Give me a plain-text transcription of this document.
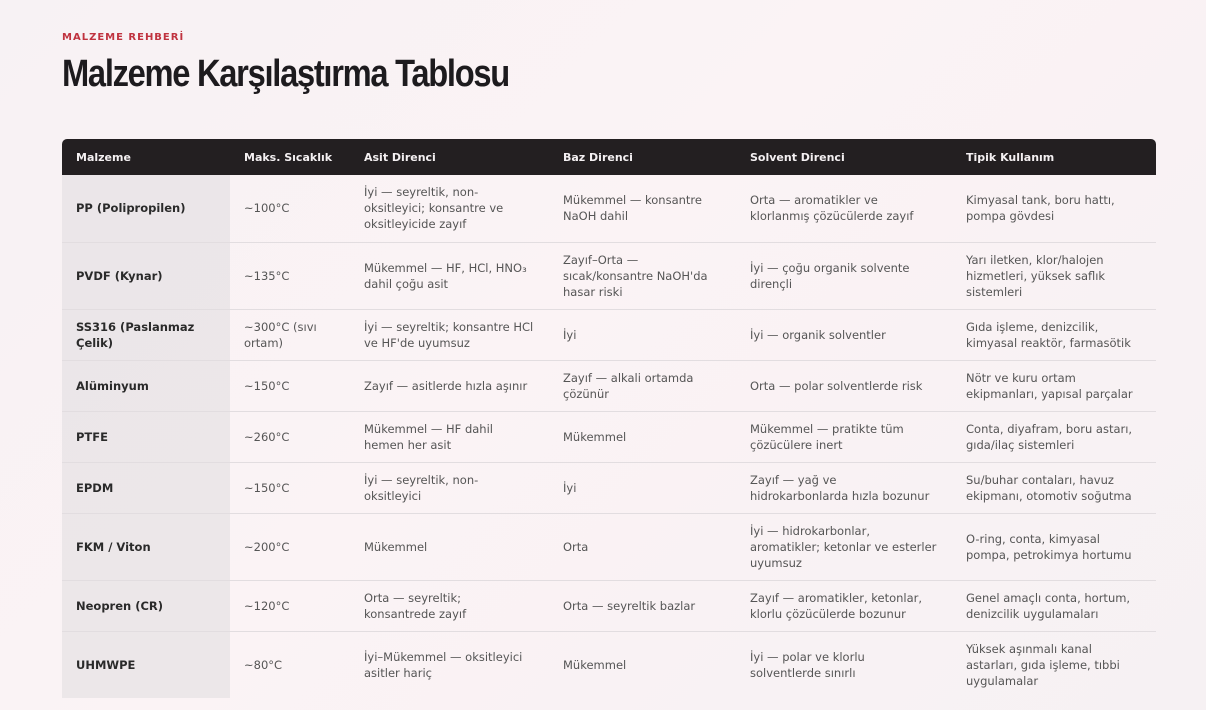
MALZEME REHBERİ
Malzeme Karşılaştırma Tablosu
Malzeme	Maks. Sıcaklık	Asit Direnci	Baz Direnci	Solvent Direnci	Tipik Kullanım
PP (Polipropilen)	~100°C	İyi — seyreltik, non-oksitleyici; konsantre ve oksitleyicide zayıf	Mükemmel — konsantre NaOH dahil	Orta — aromatikler ve klorlanmış çözücülerde zayıf	Kimyasal tank, boru hattı, pompa gövdesi
PVDF (Kynar)	~135°C	Mükemmel — HF, HCl, HNO₃ dahil çoğu asit	Zayıf–Orta — sıcak/konsantre NaOH'da hasar riski	İyi — çoğu organik solvente dirençli	Yarı iletken, klor/halojen hizmetleri, yüksek saflık sistemleri
SS316 (Paslanmaz Çelik)	~300°C (sıvı ortam)	İyi — seyreltik; konsantre HCl ve HF'de uyumsuz	İyi	İyi — organik solventler	Gıda işleme, denizcilik, kimyasal reaktör, farmasötik
Alüminyum	~150°C	Zayıf — asitlerde hızla aşınır	Zayıf — alkali ortamda çözünür	Orta — polar solventlerde risk	Nötr ve kuru ortam ekipmanları, yapısal parçalar
PTFE	~260°C	Mükemmel — HF dahil hemen her asit	Mükemmel	Mükemmel — pratikte tüm çözücülere inert	Conta, diyafram, boru astarı, gıda/ilaç sistemleri
EPDM	~150°C	İyi — seyreltik, non-oksitleyici	İyi	Zayıf — yağ ve hidrokarbonlarda hızla bozunur	Su/buhar contaları, havuz ekipmanı, otomotiv soğutma
FKM / Viton	~200°C	Mükemmel	Orta	İyi — hidrokarbonlar, aromatikler; ketonlar ve esterler uyumsuz	O-ring, conta, kimyasal pompa, petrokimya hortumu
Neopren (CR)	~120°C	Orta — seyreltik; konsantrede zayıf	Orta — seyreltik bazlar	Zayıf — aromatikler, ketonlar, klorlu çözücülerde bozunur	Genel amaçlı conta, hortum, denizcilik uygulamaları
UHMWPE	~80°C	İyi–Mükemmel — oksitleyici asitler hariç	Mükemmel	İyi — polar ve klorlu solventlerde sınırlı	Yüksek aşınmalı kanal astarları, gıda işleme, tıbbi uygulamalar
